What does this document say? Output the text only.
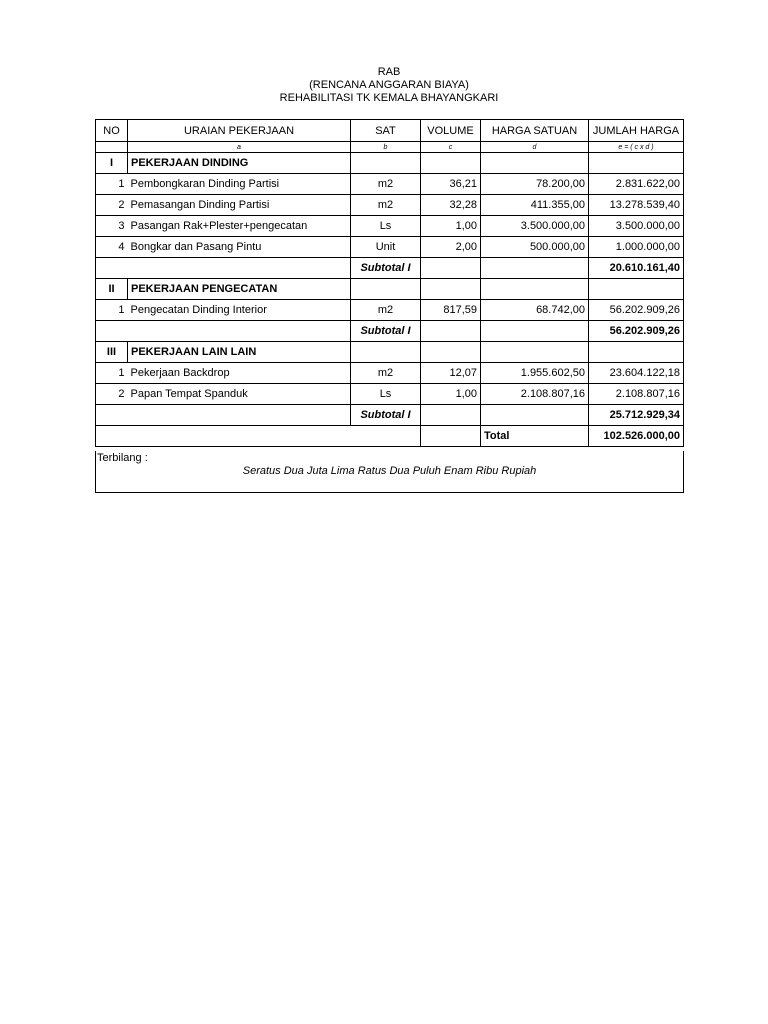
RAB
(RENCANA ANGGARAN BIAYA)
REHABILITASI TK KEMALA BHAYANGKARI
NO	URAIAN PEKERJAAN	SAT	VOLUME	HARGA SATUAN	JUMLAH HARGA
	a	b	c	d	e = ( c x d )
I	PEKERJAAN DINDING				
1	Pembongkaran Dinding Partisi	m2	36,21	78.200,00	2.831.622,00
2	Pemasangan Dinding Partisi	m2	32,28	411.355,00	13.278.539,40
3	Pasangan Rak+Plester+pengecatan	Ls	1,00	3.500.000,00	3.500.000,00
4	Bongkar dan Pasang Pintu	Unit	2,00	500.000,00	1.000.000,00
		Subtotal I			20.610.161,40
II	PEKERJAAN PENGECATAN				
1	Pengecatan Dinding Interior	m2	817,59	68.742,00	56.202.909,26
		Subtotal I			56.202.909,26
III	PEKERJAAN LAIN LAIN				
1	Pekerjaan Backdrop	m2	12,07	1.955.602,50	23.604.122,18
2	Papan Tempat Spanduk	Ls	1,00	2.108.807,16	2.108.807,16
		Subtotal I			25.712.929,34
				Total	102.526.000,00
Terbilang :
Seratus Dua Juta Lima Ratus Dua Puluh Enam Ribu Rupiah
